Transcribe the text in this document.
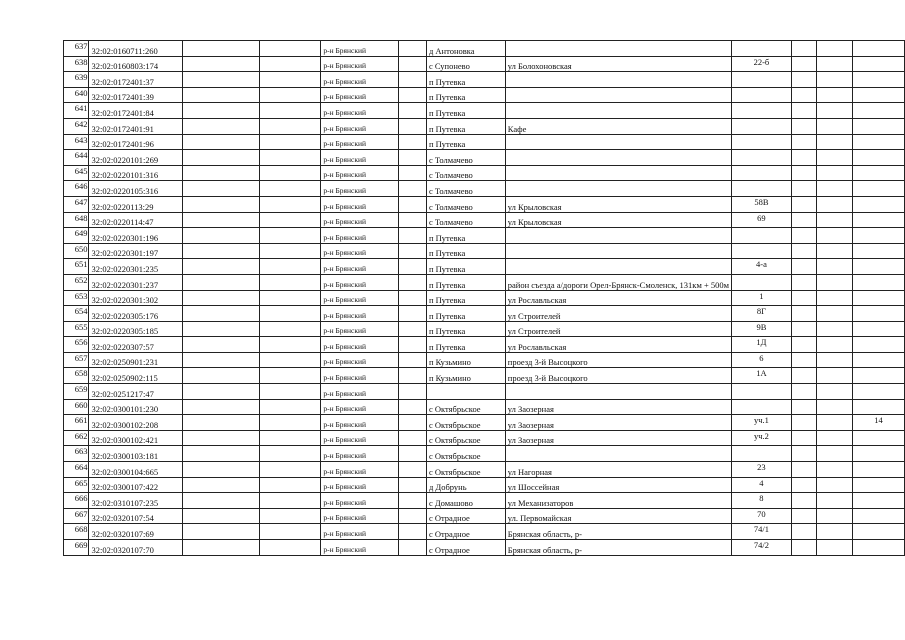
637	32:02:0160711:260			р-н Брянский		д Антоновка					
638	32:02:0160803:174			р-н Брянский		с Супонево	ул Болохоновская	22-б			
639	32:02:0172401:37			р-н Брянский		п Путевка					
640	32:02:0172401:39			р-н Брянский		п Путевка					
641	32:02:0172401:84			р-н Брянский		п Путевка					
642	32:02:0172401:91			р-н Брянский		п Путевка	Кафе				
643	32:02:0172401:96			р-н Брянский		п Путевка					
644	32:02:0220101:269			р-н Брянский		с Толмачево					
645	32:02:0220101:316			р-н Брянский		с Толмачево					
646	32:02:0220105:316			р-н Брянский		с Толмачево					
647	32:02:0220113:29			р-н Брянский		с Толмачево	ул Крыловская	58В			
648	32:02:0220114:47			р-н Брянский		с Толмачево	ул Крыловская	69			
649	32:02:0220301:196			р-н Брянский		п Путевка					
650	32:02:0220301:197			р-н Брянский		п Путевка					
651	32:02:0220301:235			р-н Брянский		п Путевка		4-а			
652	32:02:0220301:237			р-н Брянский		п Путевка	район съезда а/дороги Орел-Брянск-Смоленск, 131км + 500м				
653	32:02:0220301:302			р-н Брянский		п Путевка	ул Рославльская	1			
654	32:02:0220305:176			р-н Брянский		п Путевка	ул Строителей	8Г			
655	32:02:0220305:185			р-н Брянский		п Путевка	ул Строителей	9В			
656	32:02:0220307:57			р-н Брянский		п Путевка	ул Рославльская	1Д			
657	32:02:0250901:231			р-н Брянский		п Кузьмино	проезд 3-й Высоцкого	6			
658	32:02:0250902:115			р-н Брянский		п Кузьмино	проезд 3-й Высоцкого	1А			
659	32:02:0251217:47			р-н Брянский							
660	32:02:0300101:230			р-н Брянский		с Октябрьское	ул Заозерная				
661	32:02:0300102:208			р-н Брянский		с Октябрьское	ул Заозерная	уч.1			14
662	32:02:0300102:421			р-н Брянский		с Октябрьское	ул Заозерная	уч.2			
663	32:02:0300103:181			р-н Брянский		с Октябрьское					
664	32:02:0300104:665			р-н Брянский		с Октябрьское	ул Нагорная	23			
665	32:02:0300107:422			р-н Брянский		д Добрунь	ул Шоссейная	4			
666	32:02:0310107:235			р-н Брянский		с Домашово	ул Механизаторов	8			
667	32:02:0320107:54			р-н Брянский		с Отрадное	ул. Первомайская	70			
668	32:02:0320107:69			р-н Брянский		с Отрадное	Брянская область, р-	74/1			
669	32:02:0320107:70			р-н Брянский		с Отрадное	Брянская область, р-	74/2			
